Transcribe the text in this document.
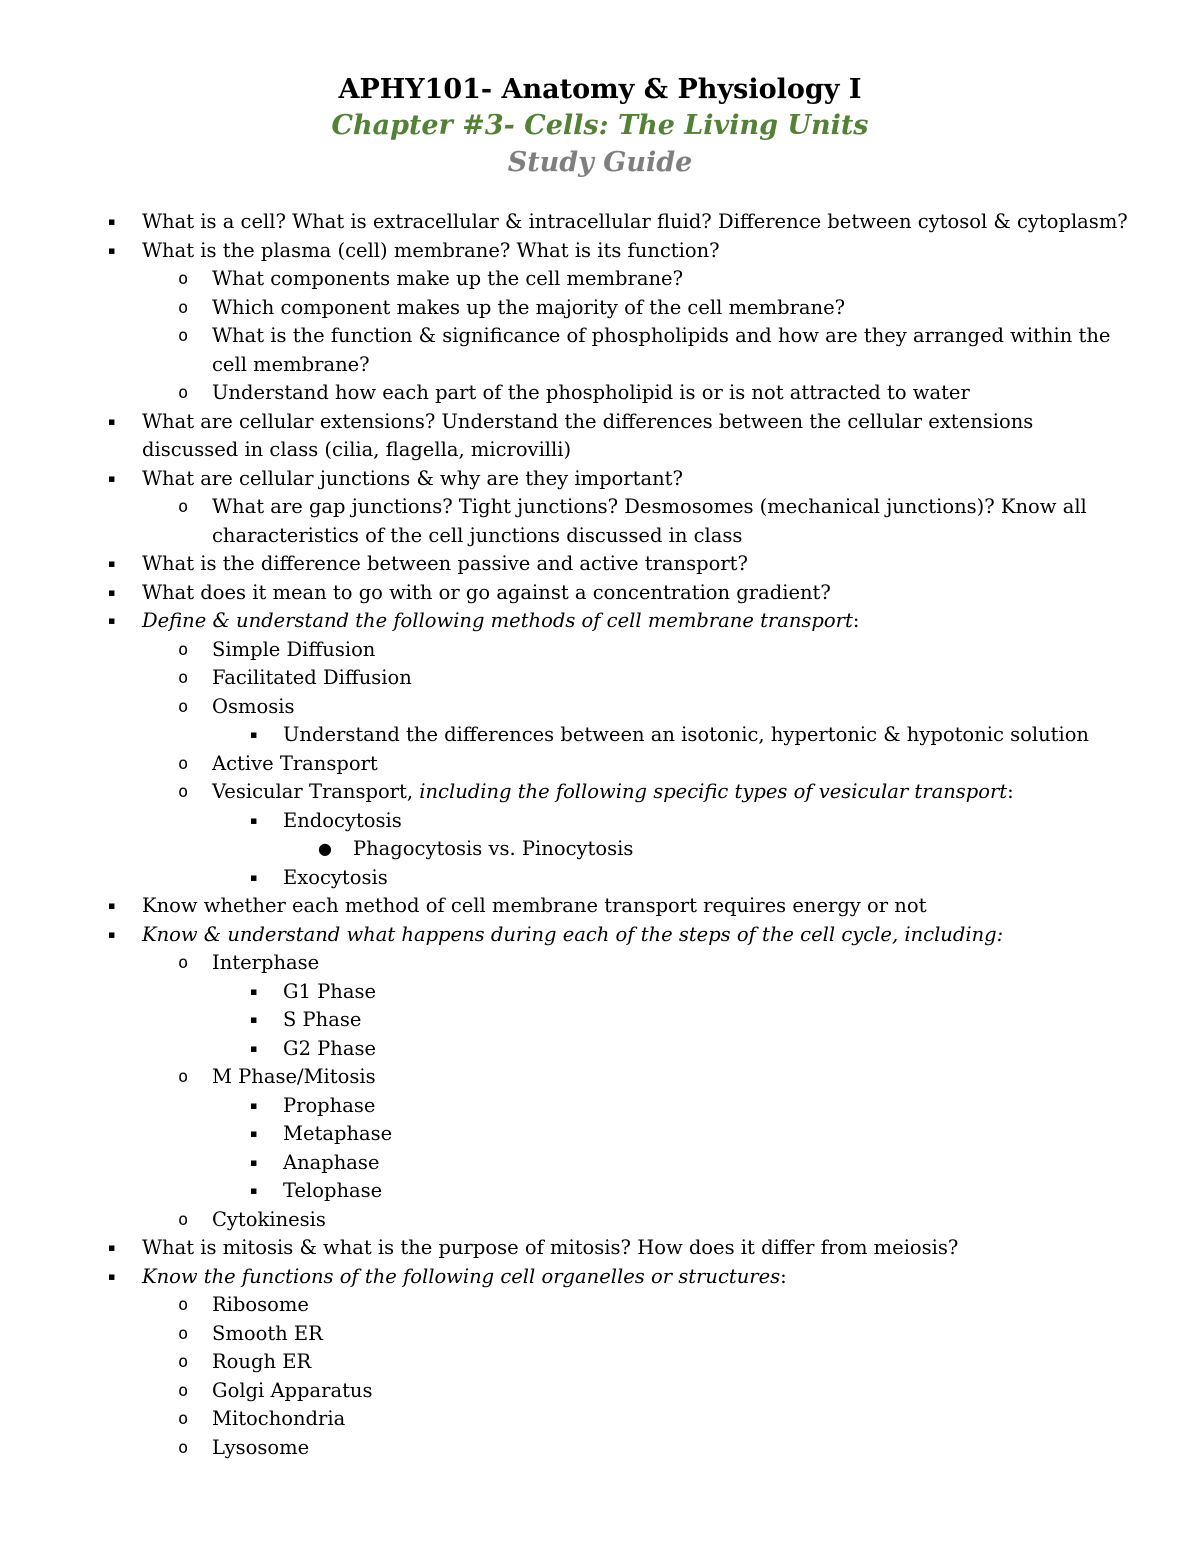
APHY101- Anatomy & Physiology I

Chapter #3- Cells: The Living Units

Study Guide

▪	What is a cell? What is extracellular & intracellular fluid? Difference between cytosol & cytoplasm?
▪	What is the plasma (cell) membrane? What is its function?
o	What components make up the cell membrane?
o	Which component makes up the majority of the cell membrane?
o	What is the function & significance of phospholipids and how are they arranged within the
cell membrane?
o	Understand how each part of the phospholipid is or is not attracted to water
▪	What are cellular extensions? Understand the differences between the cellular extensions
discussed in class (cilia, flagella, microvilli)
▪	What are cellular junctions & why are they important?
o	What are gap junctions? Tight junctions? Desmosomes (mechanical junctions)? Know all
characteristics of the cell junctions discussed in class
▪	What is the difference between passive and active transport?
▪	What does it mean to go with or go against a concentration gradient?
▪	Define & understand the following methods of cell membrane transport:
o	Simple Diffusion
o	Facilitated Diffusion
o	Osmosis
▪	Understand the differences between an isotonic, hypertonic & hypotonic solution
o	Active Transport
o	Vesicular Transport, including the following specific types of vesicular transport:
▪	Endocytosis
●	Phagocytosis vs. Pinocytosis
▪	Exocytosis
▪	Know whether each method of cell membrane transport requires energy or not
▪	Know & understand what happens during each of the steps of the cell cycle, including:
o	Interphase
▪	G1 Phase
▪	S Phase
▪	G2 Phase
o	M Phase/Mitosis
▪	Prophase
▪	Metaphase
▪	Anaphase
▪	Telophase
o	Cytokinesis
▪	What is mitosis & what is the purpose of mitosis? How does it differ from meiosis?
▪	Know the functions of the following cell organelles or structures:
o	Ribosome
o	Smooth ER
o	Rough ER
o	Golgi Apparatus
o	Mitochondria
o	Lysosome
